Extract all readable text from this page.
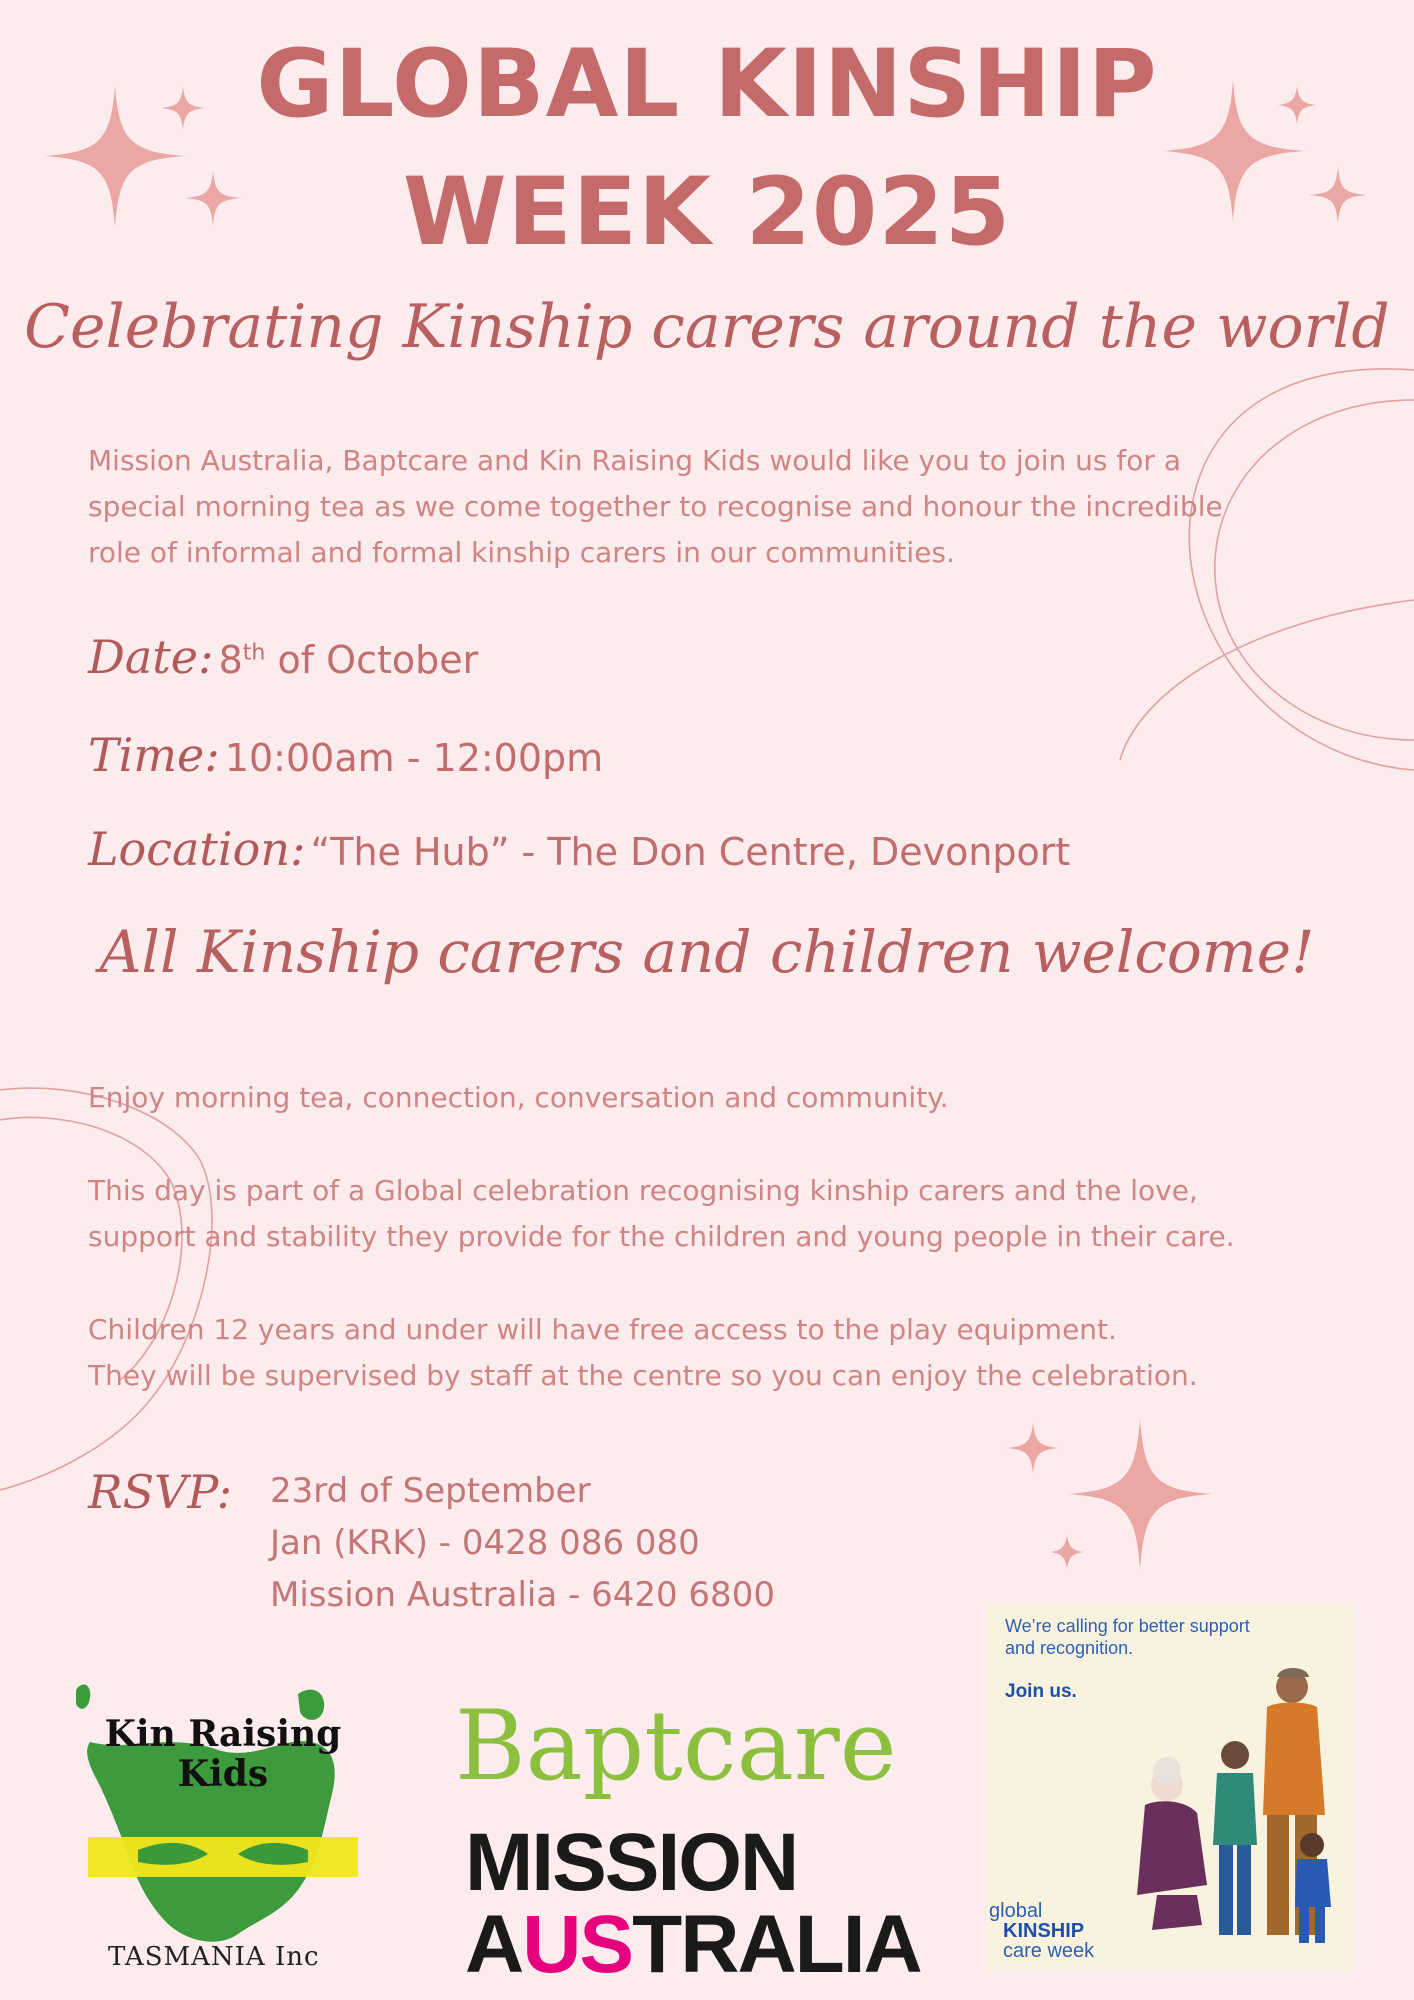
GLOBAL KINSHIP
WEEK 2025
Celebrating Kinship carers around the world
Mission Australia, Baptcare and Kin Raising Kids would like you to join us for a
special morning tea as we come together to recognise and honour the incredible
role of informal and formal kinship carers in our communities.
Date: 8th of October
Time: 10:00am - 12:00pm
Location: “The Hub” - The Don Centre, Devonport
All Kinship carers and children welcome!
Enjoy morning tea, connection, conversation and community.
This day is part of a Global celebration recognising kinship carers and the love,
support and stability they provide for the children and young people in their care.
Children 12 years and under will have free access to the play equipment.
They will be supervised by staff at the centre so you can enjoy the celebration.
RSVP: 23rd of September
Jan (KRK) - 0428 086 080
Mission Australia - 6420 6800
Kin Raising
Kids
TASMANIA Inc
Baptcare
MISSION
AUSTRALIA
We’re calling for better support
and recognition.
Join us.
global
KINSHIP
care week
